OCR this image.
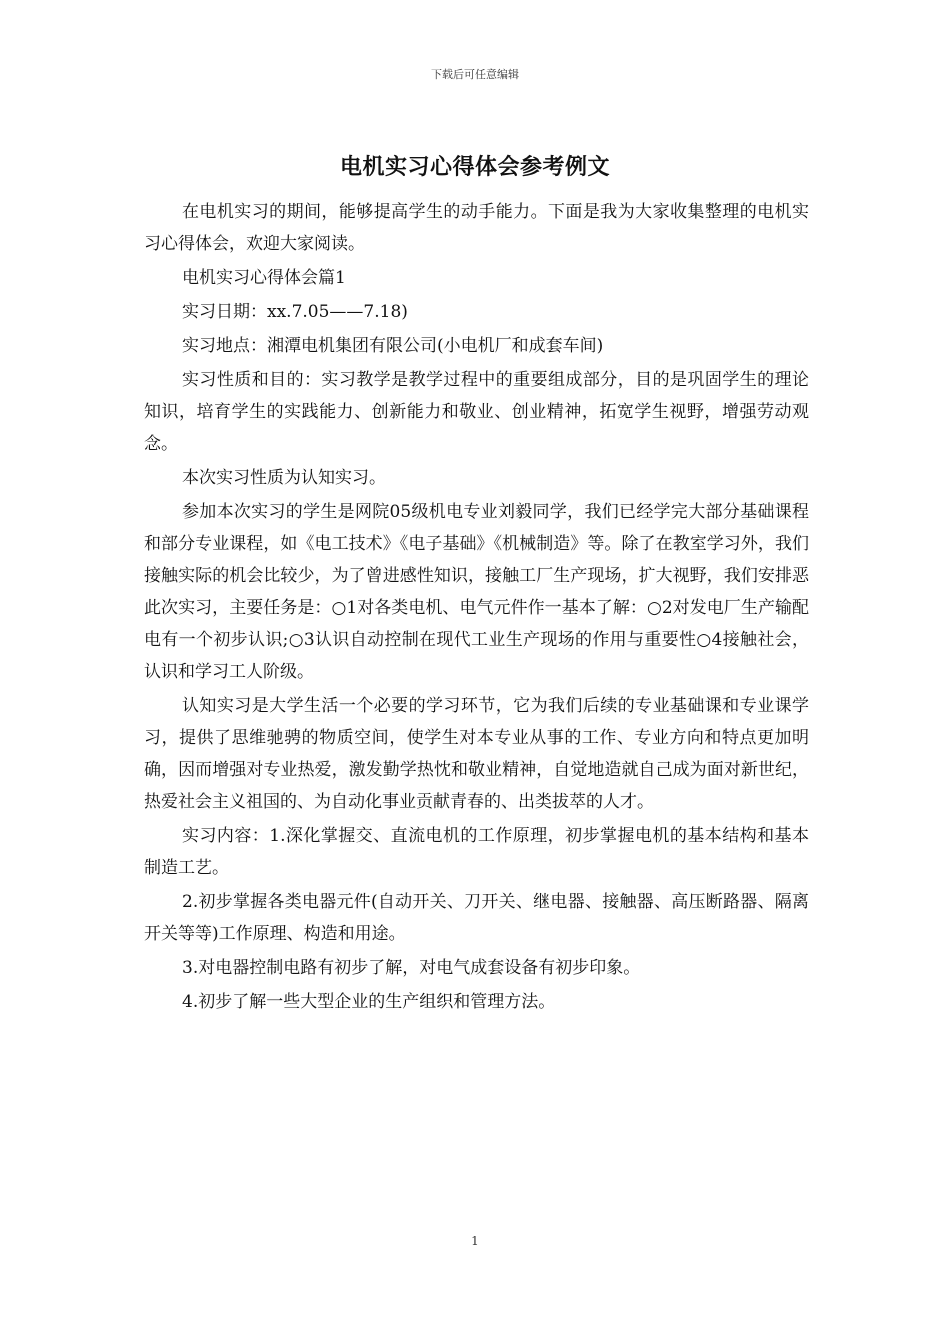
下载后可任意编辑
电机实习心得体会参考例文

在电机实习的期间，能够提高学生的动手能力。下面是我为大家收集整理的电机实习心得体会，欢迎大家阅读。

电机实习心得体会篇1

实习日期：xx.7.05——7.18)

实习地点：湘潭电机集团有限公司(小电机厂和成套车间)

实习性质和目的：实习教学是教学过程中的重要组成部分，目的是巩固学生的理论知识，培育学生的实践能力、创新能力和敬业、创业精神，拓宽学生视野，增强劳动观念。

本次实习性质为认知实习。

参加本次实习的学生是网院05级机电专业刘毅同学，我们已经学完大部分基础课程和部分专业课程，如《电工技术》《电子基础》《机械制造》等。除了在教室学习外，我们接触实际的机会比较少，为了曾进感性知识，接触工厂生产现场，扩大视野，我们安排恶此次实习，主要任务是：○1对各类电机、电气元件作一基本了解：○2对发电厂生产输配电有一个初步认识;○3认识自动控制在现代工业生产现场的作用与重要性○4接触社会，认识和学习工人阶级。

认知实习是大学生活一个必要的学习环节，它为我们后续的专业基础课和专业课学习，提供了思维驰骋的物质空间，使学生对本专业从事的工作、专业方向和特点更加明确，因而增强对专业热爱，激发勤学热忱和敬业精神，自觉地造就自己成为面对新世纪，热爱社会主义祖国的、为自动化事业贡献青春的、出类拔萃的人才。

实习内容：1.深化掌握交、直流电机的工作原理，初步掌握电机的基本结构和基本制造工艺。

2.初步掌握各类电器元件(自动开关、刀开关、继电器、接触器、高压断路器、隔离开关等等)工作原理、构造和用途。

3.对电器控制电路有初步了解，对电气成套设备有初步印象。

4.初步了解一些大型企业的生产组织和管理方法。

1
